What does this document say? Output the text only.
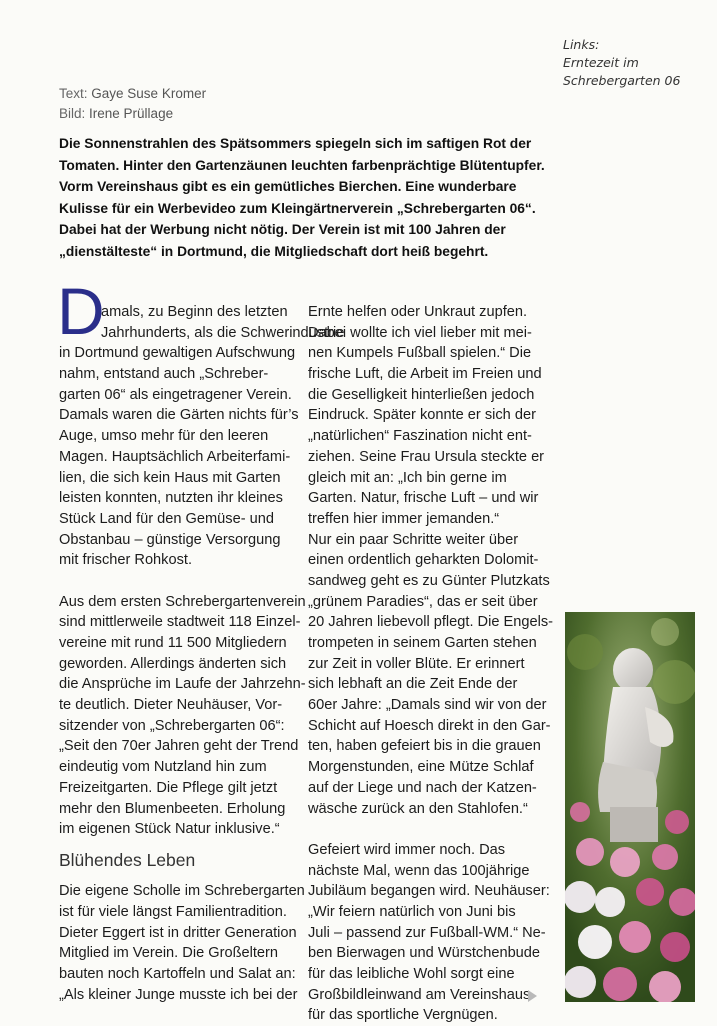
Links:
Erntezeit im
Schrebergarten 06
Text: Gaye Suse Kromer
Bild: Irene Prüllage
Die Sonnenstrahlen des Spätsommers spiegeln sich im saftigen Rot der
Tomaten. Hinter den Gartenzäunen leuchten farbenprächtige Blütentupfer.
Vorm Vereinshaus gibt es ein gemütliches Bierchen. Eine wunderbare
Kulisse für ein Werbevideo zum Kleingärtnerverein „Schrebergarten 06“.
Dabei hat der Werbung nicht nötig. Der Verein ist mit 100 Jahren der
„dienstälteste“ in Dortmund, die Mitgliedschaft dort heiß begehrt.
D
amals, zu Beginn des letzten
Jahrhunderts, als die Schwerindustrie
in Dortmund gewaltigen Aufschwung
nahm, entstand auch „Schreber-
garten 06“ als eingetragener Verein.
Damals waren die Gärten nichts für’s
Auge, umso mehr für den leeren
Magen. Hauptsächlich Arbeiterfami-
lien, die sich kein Haus mit Garten
leisten konnten, nutzten ihr kleines
Stück Land für den Gemüse- und
Obstanbau – günstige Versorgung
mit frischer Rohkost.
Aus dem ersten Schrebergartenverein
sind mittlerweile stadtweit 118 Einzel-
vereine mit rund 11 500 Mitgliedern
geworden. Allerdings änderten sich
die Ansprüche im Laufe der Jahrzehn-
te deutlich. Dieter Neuhäuser, Vor-
sitzender von „Schrebergarten 06“:
„Seit den 70er Jahren geht der Trend
eindeutig vom Nutzland hin zum
Freizeitgarten. Die Pflege gilt jetzt
mehr den Blumenbeeten. Erholung
im eigenen Stück Natur inklusive.“
Blühendes Leben
Die eigene Scholle im Schrebergarten
ist für viele längst Familientradition.
Dieter Eggert ist in dritter Generation
Mitglied im Verein. Die Großeltern
bauten noch Kartoffeln und Salat an:
„Als kleiner Junge musste ich bei der
Ernte helfen oder Unkraut zupfen.
Dabei wollte ich viel lieber mit mei-
nen Kumpels Fußball spielen.“ Die
frische Luft, die Arbeit im Freien und
die Geselligkeit hinterließen jedoch
Eindruck. Später konnte er sich der
„natürlichen“ Faszination nicht ent-
ziehen. Seine Frau Ursula steckte er
gleich mit an: „Ich bin gerne im
Garten. Natur, frische Luft – und wir
treffen hier immer jemanden.“
Nur ein paar Schritte weiter über
einen ordentlich geharkten Dolomit-
sandweg geht es zu Günter Plutzkats
„grünem Paradies“, das er seit über
20 Jahren liebevoll pflegt. Die Engels-
trompeten in seinem Garten stehen
zur Zeit in voller Blüte. Er erinnert
sich lebhaft an die Zeit Ende der
60er Jahre: „Damals sind wir von der
Schicht auf Hoesch direkt in den Gar-
ten, haben gefeiert bis in die grauen
Morgenstunden, eine Mütze Schlaf
auf der Liege und nach der Katzen-
wäsche zurück an den Stahlofen.“
Gefeiert wird immer noch. Das
nächste Mal, wenn das 100jährige
Jubiläum begangen wird. Neuhäuser:
„Wir feiern natürlich von Juni bis
Juli – passend zur Fußball-WM.“ Ne-
ben Bierwagen und Würstchenbude
für das leibliche Wohl sorgt eine
Großbildleinwand am Vereinshaus
für das sportliche Vergnügen.
